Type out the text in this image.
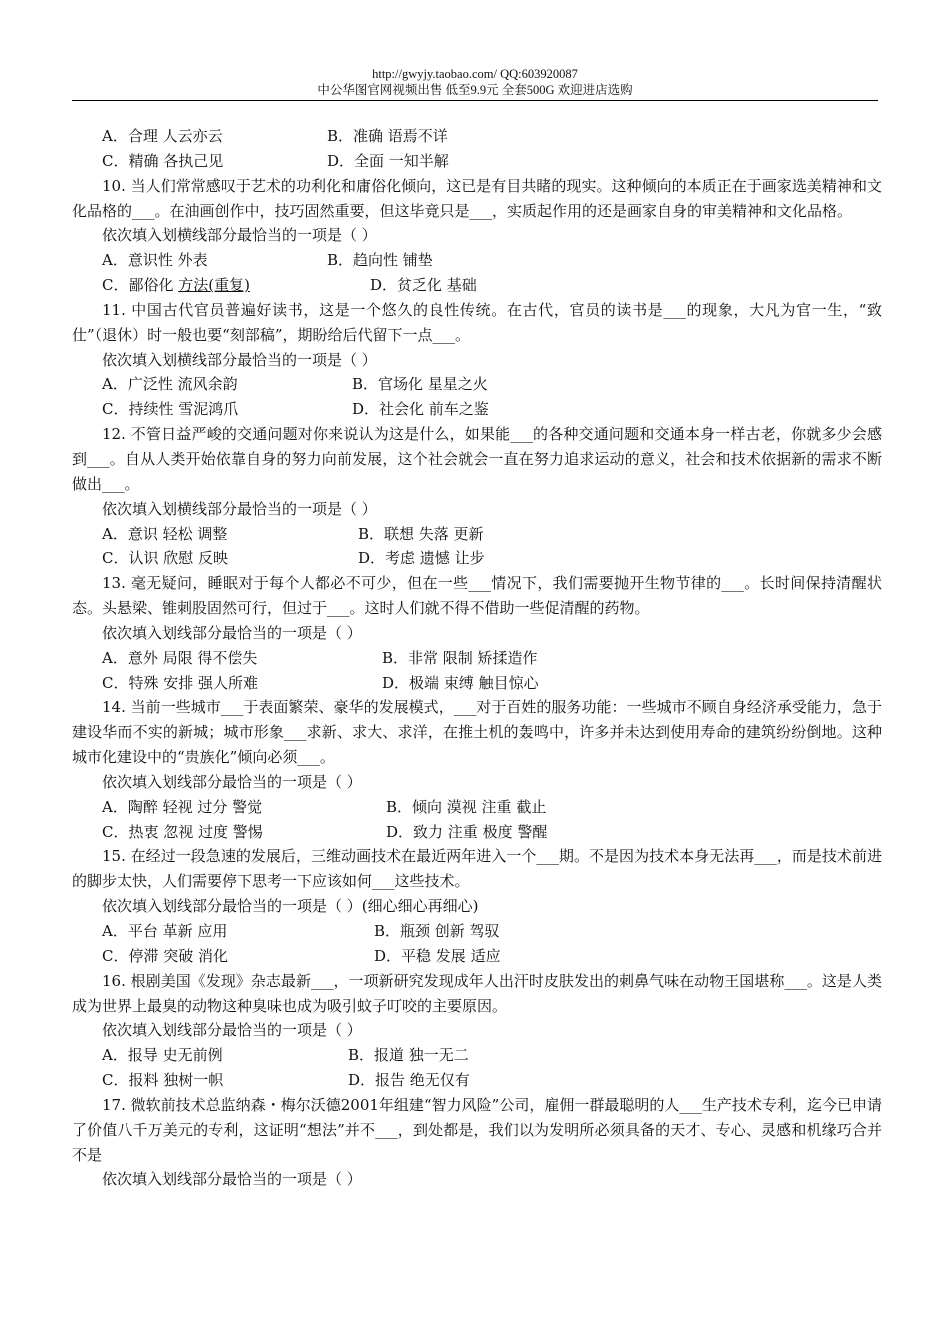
http://gwyjy.taobao.com/ QQ:603920087
中公华图官网视频出售 低至9.9元 全套500G 欢迎进店选购
A．合理 人云亦云	B．准确 语焉不详
C．精确 各执己见	D．全面 一知半解
10. 当人们常常感叹于艺术的功利化和庸俗化倾向，这已是有目共睹的现实。这种倾向的本质正在于画家选美精神和文化品格的___。在油画创作中，技巧固然重要，但这毕竟只是___，实质起作用的还是画家自身的审美精神和文化品格。
依次填入划横线部分最恰当的一项是（ ）
A．意识性 外表	B．趋向性 铺垫
C．鄙俗化 方法(重复)	D．贫乏化 基础
11. 中国古代官员普遍好读书，这是一个悠久的良性传统。在古代，官员的读书是___的现象，大凡为官一生，“致仕”（退休）时一般也要“刻部稿”，期盼给后代留下一点___。
依次填入划横线部分最恰当的一项是（ ）
A．广泛性 流风余韵	B．官场化 星星之火
C．持续性 雪泥鸿爪	D．社会化 前车之鉴
12. 不管日益严峻的交通问题对你来说认为这是什么，如果能___的各种交通问题和交通本身一样古老，你就多少会感到___。自从人类开始依靠自身的努力向前发展，这个社会就会一直在努力追求运动的意义，社会和技术依据新的需求不断做出___。
依次填入划横线部分最恰当的一项是（ ）
A．意识 轻松 调整	B．联想 失落 更新
C．认识 欣慰 反映	D．考虑 遗憾 让步
13. 毫无疑问，睡眠对于每个人都必不可少，但在一些___情况下，我们需要抛开生物节律的___。长时间保持清醒状态。头悬梁、锥刺股固然可行，但过于___。这时人们就不得不借助一些促清醒的药物。
依次填入划线部分最恰当的一项是（ ）
A．意外 局限 得不偿失	B．非常 限制 矫揉造作
C．特殊 安排 强人所难	D．极端 束缚 触目惊心
14. 当前一些城市___于表面繁荣、豪华的发展模式，___对于百姓的服务功能：一些城市不顾自身经济承受能力，急于建设华而不实的新城；城市形象___求新、求大、求洋，在推土机的轰鸣中，许多并未达到使用寿命的建筑纷纷倒地。这种城市化建设中的“贵族化”倾向必须___。
依次填入划线部分最恰当的一项是（ ）
A．陶醉 轻视 过分 警觉	B．倾向 漠视 注重 截止
C．热衷 忽视 过度 警惕	D．致力 注重 极度 警醒
15. 在经过一段急速的发展后，三维动画技术在最近两年进入一个___期。不是因为技术本身无法再___，而是技术前进的脚步太快，人们需要停下思考一下应该如何___这些技术。
依次填入划线部分最恰当的一项是（ ）(细心细心再细心)
A．平台 革新 应用	B．瓶颈 创新 驾驭
C．停滞 突破 消化	D．平稳 发展 适应
16. 根剧美国《发现》杂志最新___，一项新研究发现成年人出汗时皮肤发出的刺鼻气味在动物王国堪称___。这是人类成为世界上最臭的动物这种臭味也成为吸引蚊子叮咬的主要原因。
依次填入划线部分最恰当的一项是（ ）
A．报导 史无前例	B．报道 独一无二
C．报料 独树一帜	D．报告 绝无仅有
17. 微软前技术总监纳森・梅尔沃德2001年组建“智力风险”公司，雇佣一群最聪明的人___生产技术专利，迄今已申请了价值八千万美元的专利，这证明“想法”并不___，到处都是，我们以为发明所必须具备的天才、专心、灵感和机缘巧合并不是
依次填入划线部分最恰当的一项是（ ）
